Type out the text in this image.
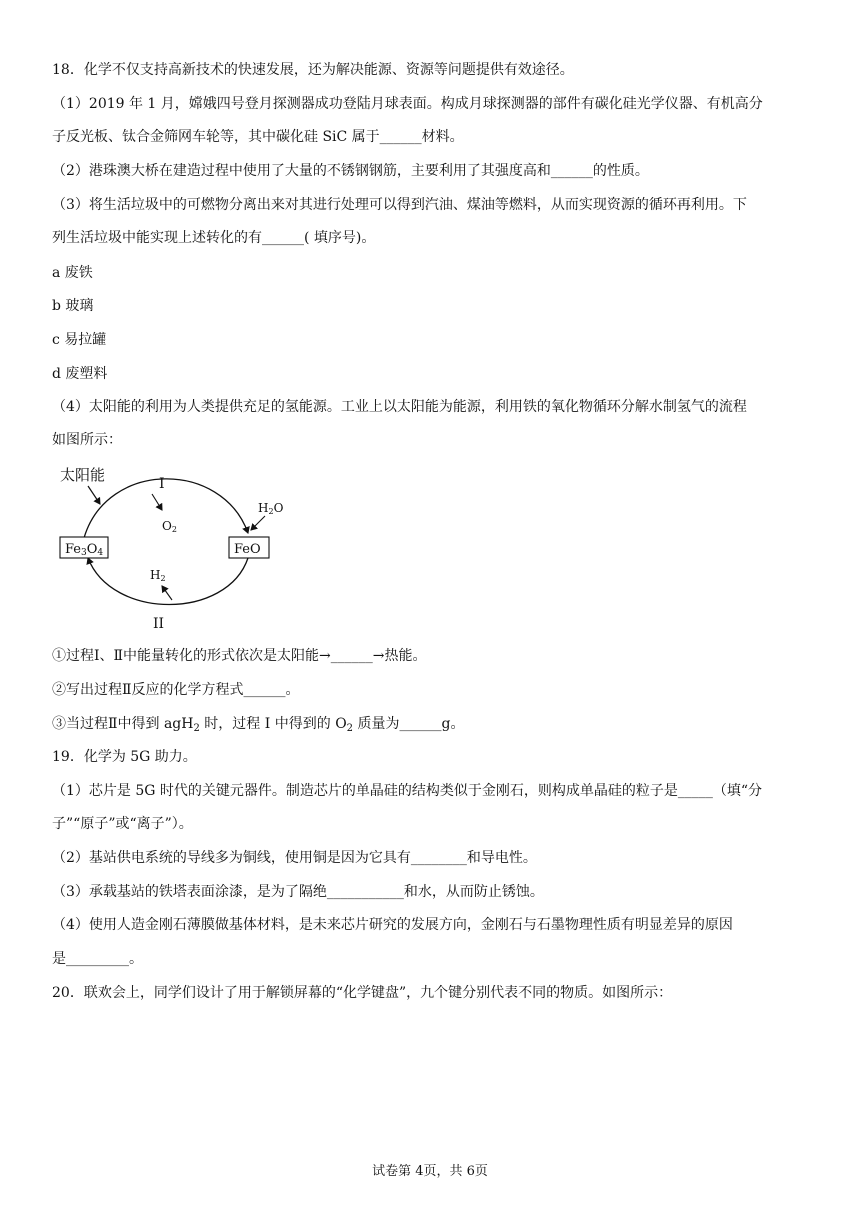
18．化学不仅支持高新技术的快速发展，还为解决能源、资源等问题提供有效途径。
（1）2019 年 1 月，嫦娥四号登月探测器成功登陆月球表面。构成月球探测器的部件有碳化硅光学仪器、有机高分
子反光板、钛合金筛网车轮等，其中碳化硅 SiC 属于______材料。
（2）港珠澳大桥在建造过程中使用了大量的不锈钢钢筋，主要利用了其强度高和______的性质。
（3）将生活垃圾中的可燃物分离出来对其进行处理可以得到汽油、煤油等燃料，从而实现资源的循环再利用。下
列生活垃圾中能实现上述转化的有______( 填序号)。
a 废铁
b 玻璃
c 易拉罐
d 废塑料
（4）太阳能的利用为人类提供充足的氢能源。工业上以太阳能为能源，利用铁的氧化物循环分解水制氢气的流程
如图所示：
太阳能
Fe3O4	FeO
I
O2
H2O
H2
II
①过程Ⅰ、Ⅱ中能量转化的形式依次是太阳能→______→热能。
②写出过程Ⅱ反应的化学方程式______。
③当过程Ⅱ中得到 agH$_2$ 时，过程 I 中得到的 $O_2$ 质量为______g。
19．化学为 5G 助力。
（1）芯片是 5G 时代的关键元器件。制造芯片的单晶硅的结构类似于金刚石，则构成单晶硅的粒子是_____（填“分
子”“原子”或“离子”）。
（2）基站供电系统的导线多为铜线，使用铜是因为它具有________和导电性。
（3）承载基站的铁塔表面涂漆，是为了隔绝___________和水，从而防止锈蚀。
（4）使用人造金刚石薄膜做基体材料，是未来芯片研究的发展方向，金刚石与石墨物理性质有明显差异的原因
是_________。
20．联欢会上，同学们设计了用于解锁屏幕的“化学键盘”，九个键分别代表不同的物质。如图所示：
试卷第 4页，共 6页
